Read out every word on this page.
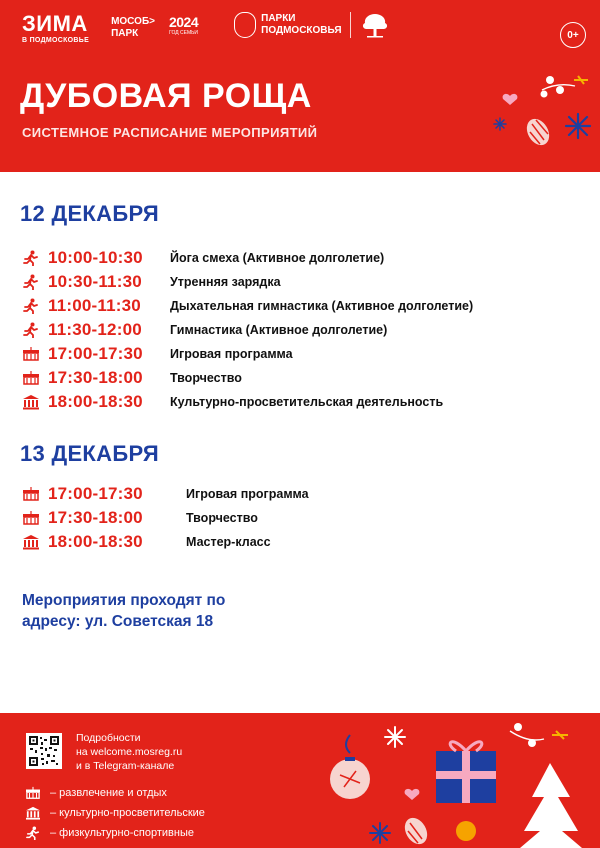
ЗИМА
В ПОДМОСКОВЬЕ
МОСОБ>
ПАРК
2024
ГОД СЕМЬИ
ПАРКИ
ПОДМОСКОВЬЯ	0+
ДУБОВАЯ РОЩА
СИСТЕМНОЕ РАСПИСАНИЕ МЕРОПРИЯТИЙ
12 ДЕКАБРЯ
10:00-10:30	Йога смеха (Активное долголетие)
10:30-11:30	Утренняя зарядка
11:00-11:30	Дыхательная гимнастика (Активное долголетие)
11:30-12:00	Гимнастика (Активное долголетие)
17:00-17:30	Игровая программа
17:30-18:00	Творчество
18:00-18:30	Культурно-просветительская деятельность
13 ДЕКАБРЯ
17:00-17:30	Игровая программа
17:30-18:00	Творчество
18:00-18:30	Мастер-класс
Мероприятия проходят по
адресу: ул. Советская 18
Подробности
на welcome.mosreg.ru
и в Telegram-канале
– развлечение и отдых
– культурно-просветительские
– физкультурно-спортивные
